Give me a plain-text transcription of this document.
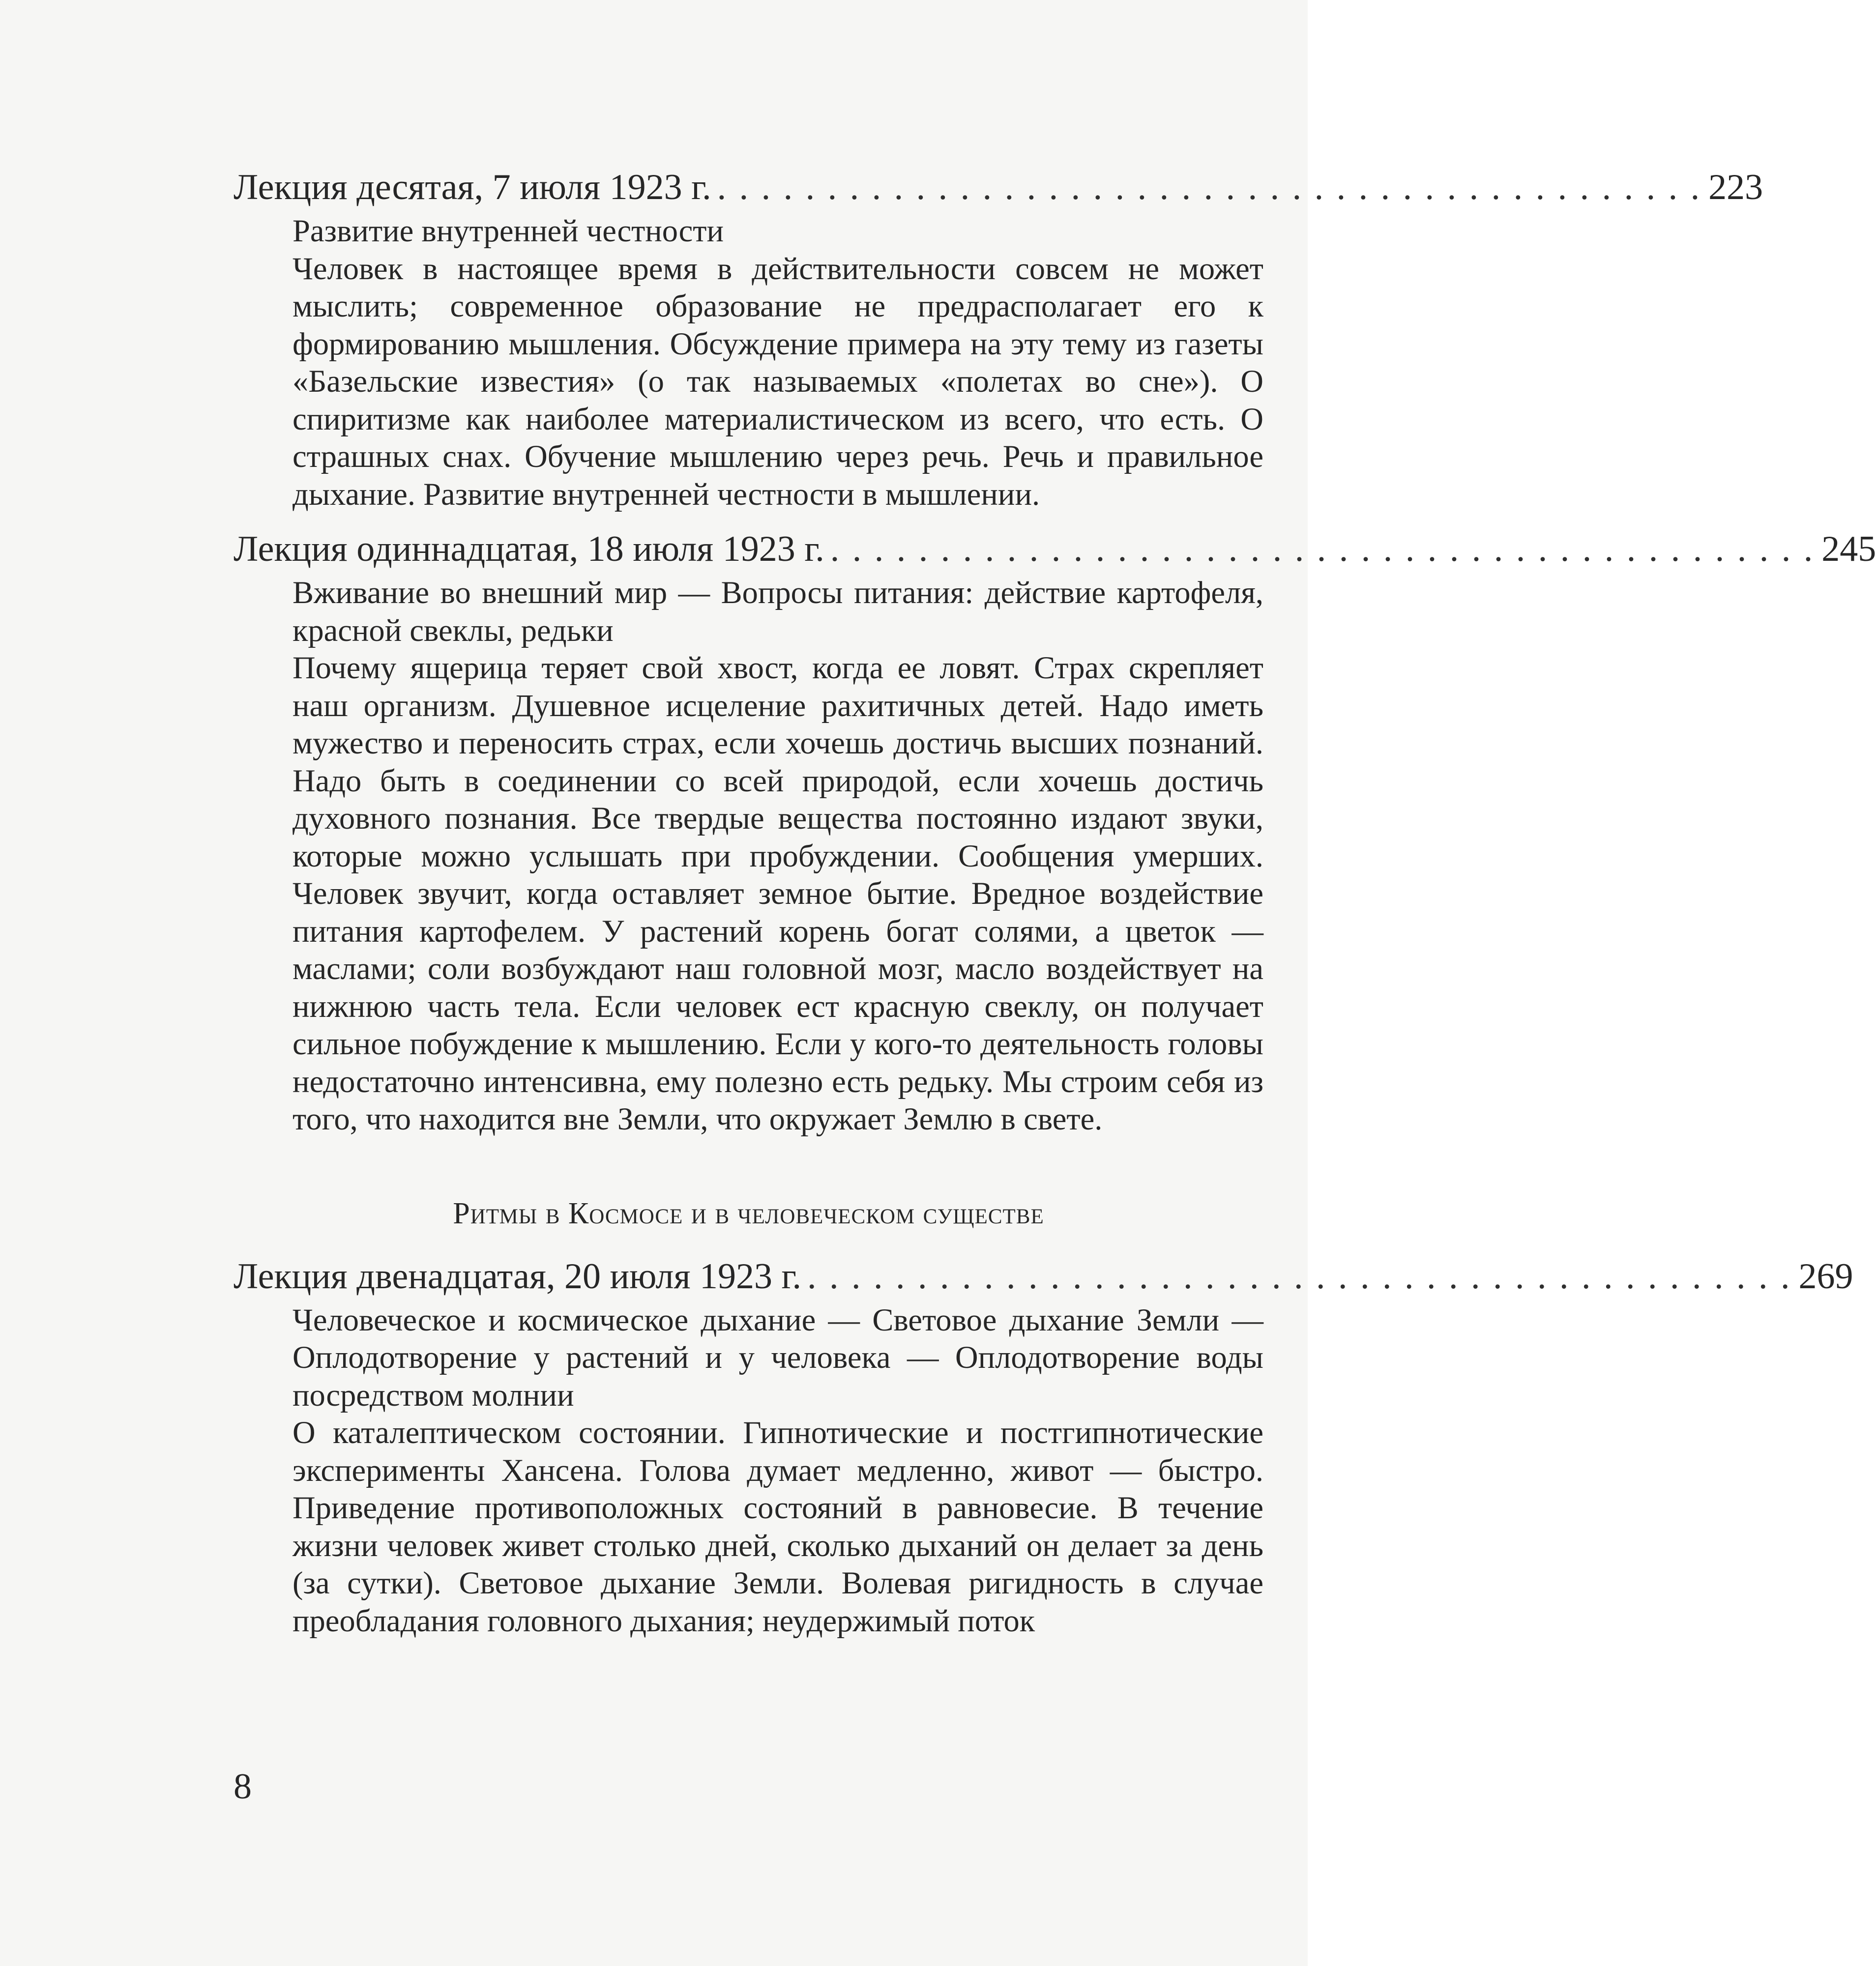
Лекция десятая, 7 июля 1923 г. . . . . . . . . . . . . . . . . . . . . . . . . . . . . . . . . . . . . . . . . . . . . . 223

Развитие внутренней честности

Человек в настоящее время в действительности совсем не может мыслить; современное образование не предрасполагает его к формированию мышления. Обсуждение примера на эту тему из газеты «Базельские известия» (о так называемых «полетах во сне»). О спиритизме как наиболее материалистическом из всего, что есть. О страшных снах. Обучение мышлению через речь. Речь и правильное дыхание. Развитие внутренней честности в мышлении.

Лекция одиннадцатая, 18 июля 1923 г. . . . . . . . . . . . . . . . . . . . . . . . . . . . . . . . . . . . . . . . . . . . . . 245

Вживание во внешний мир — Вопросы питания: действие картофеля, красной свеклы, редьки

Почему ящерица теряет свой хвост, когда ее ловят. Страх скрепляет наш организм. Душевное исцеление рахитичных детей. Надо иметь мужество и переносить страх, если хочешь достичь высших познаний. Надо быть в соединении со всей природой, если хочешь достичь духовного познания. Все твердые вещества постоянно издают звуки, которые можно услышать при пробуждении. Сообщения умерших. Человек звучит, когда оставляет земное бытие. Вредное воздействие питания картофелем. У растений корень богат солями, а цветок — маслами; соли возбуждают наш головной мозг, масло воздействует на нижнюю часть тела. Если человек ест красную свеклу, он получает сильное побуждение к мышлению. Если у кого-то деятельность головы недостаточно интенсивна, ему полезно есть редьку. Мы строим себя из того, что находится вне Земли, что окружает Землю в свете.

Ритмы в Космосе и в человеческом существе
Лекция двенадцатая, 20 июля 1923 г. . . . . . . . . . . . . . . . . . . . . . . . . . . . . . . . . . . . . . . . . . . . . . 269

Человеческое и космическое дыхание — Световое дыхание Земли — Оплодотворение у растений и у человека — Оплодотворение воды посредством молнии

О каталептическом состоянии. Гипнотические и постгипнотические эксперименты Хансена. Голова думает медленно, живот — быстро. Приведение противоположных состояний в равновесие. В течение жизни человек живет столько дней, сколько дыханий он делает за день (за сутки). Световое дыхание Земли. Волевая ригидность в случае преобладания головного дыхания; неудержимый поток

8
